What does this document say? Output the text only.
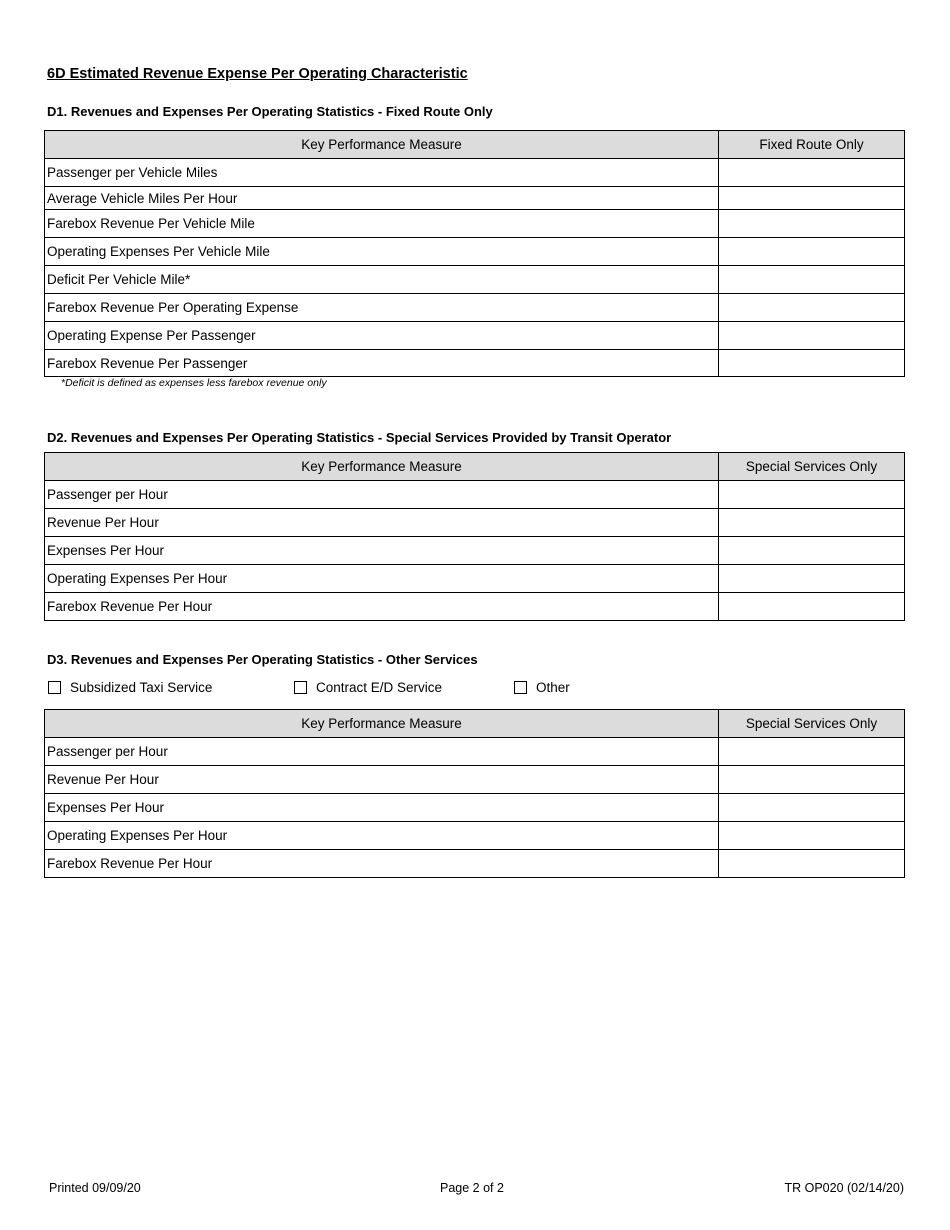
6D Estimated Revenue Expense Per Operating Characteristic
D1. Revenues and Expenses Per Operating Statistics - Fixed Route Only
Key Performance Measure	Fixed Route Only
Passenger per Vehicle Miles	
Average Vehicle Miles Per Hour	
Farebox Revenue Per Vehicle Mile	
Operating Expenses Per Vehicle Mile	
Deficit Per Vehicle Mile*	
Farebox Revenue Per Operating Expense	
Operating Expense Per Passenger	
Farebox Revenue Per Passenger	
*Deficit is defined as expenses less farebox revenue only
D2. Revenues and Expenses Per Operating Statistics - Special Services Provided by Transit Operator
Key Performance Measure	Special Services Only
Passenger per Hour	
Revenue Per Hour	
Expenses Per Hour	
Operating Expenses Per Hour	
Farebox Revenue Per Hour	
D3. Revenues and Expenses Per Operating Statistics - Other Services
Subsidized Taxi Service	Contract E/D Service	Other
Key Performance Measure	Special Services Only
Passenger per Hour	
Revenue Per Hour	
Expenses Per Hour	
Operating Expenses Per Hour	
Farebox Revenue Per Hour	
Printed 09/09/20	Page 2 of 2	TR OP020 (02/14/20)
